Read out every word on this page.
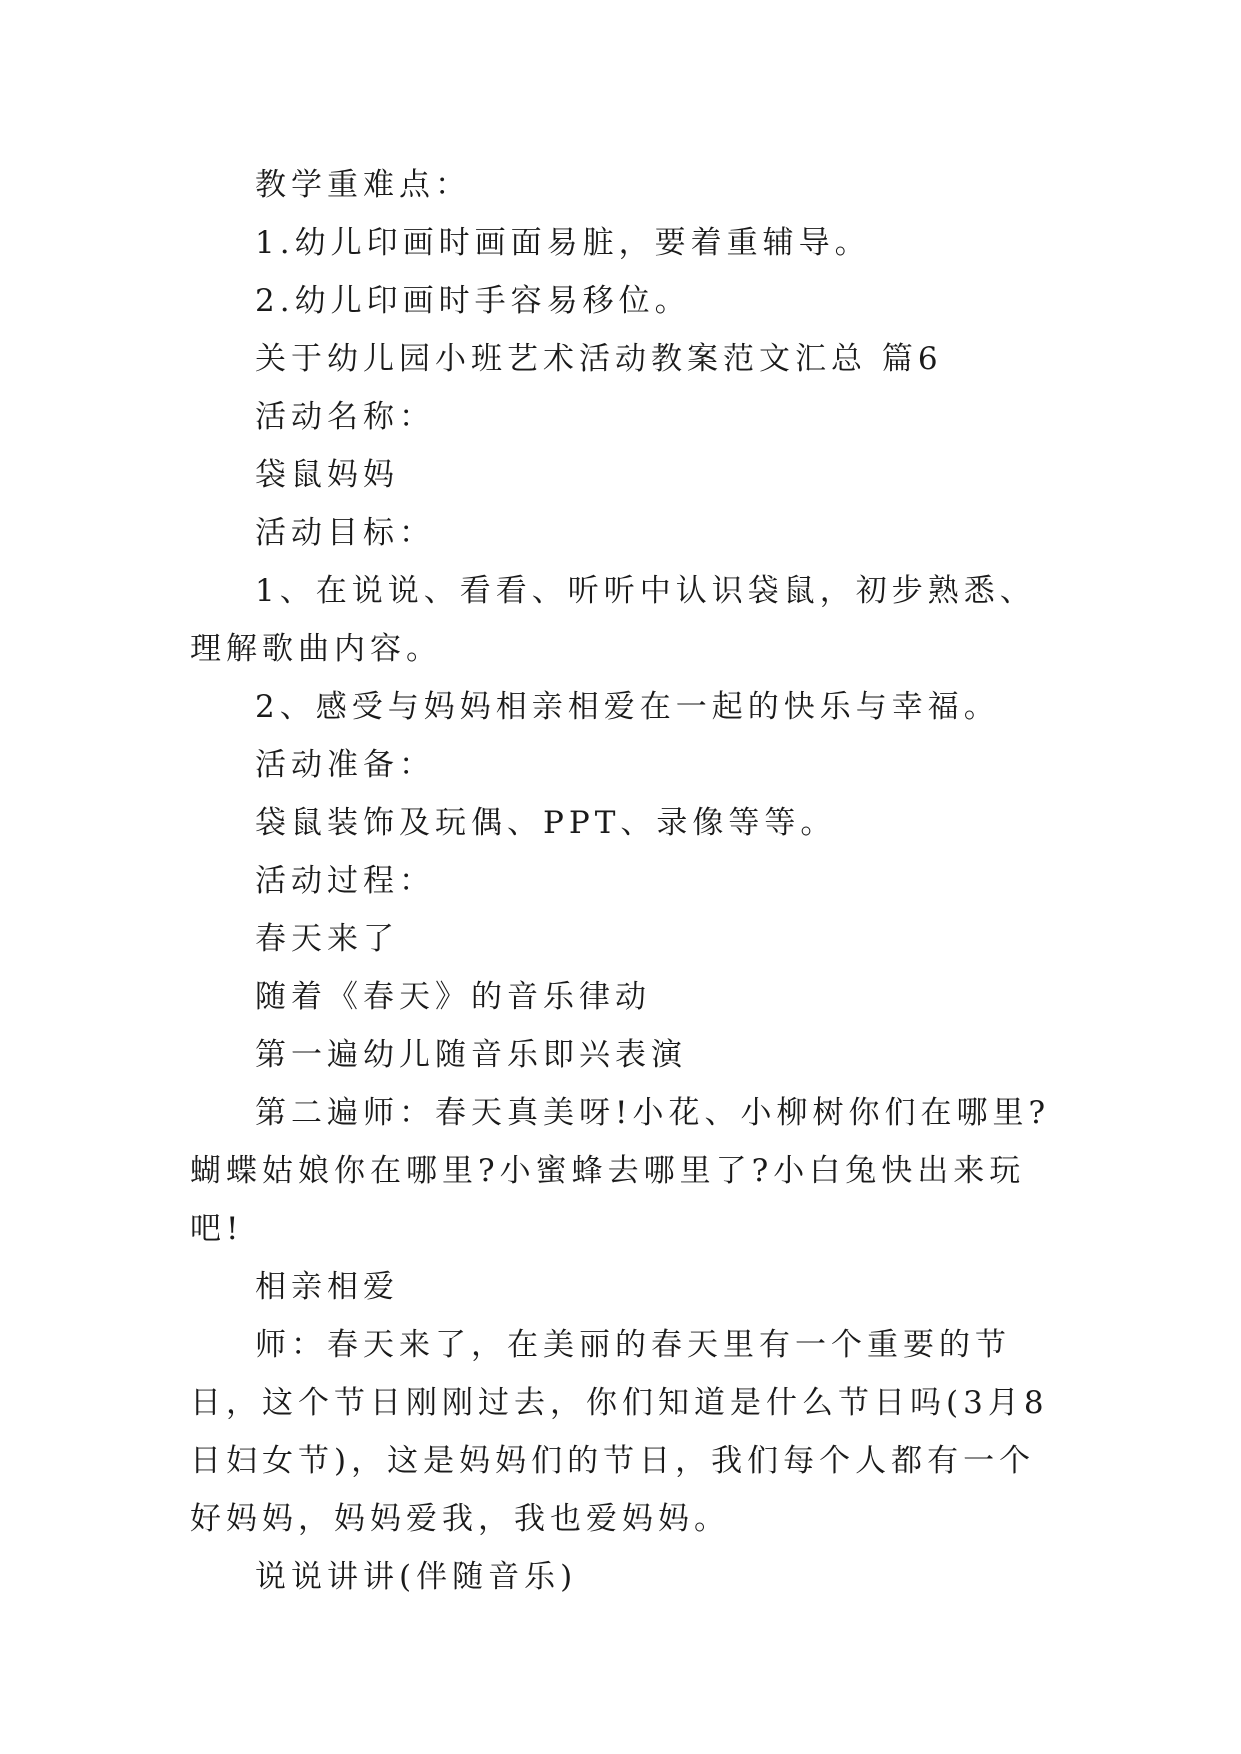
教学重难点：

1.幼儿印画时画面易脏，要着重辅导。

2.幼儿印画时手容易移位。

关于幼儿园小班艺术活动教案范文汇总 篇6

活动名称：

袋鼠妈妈

活动目标：

1、在说说、看看、听听中认识袋鼠，初步熟悉、理解歌曲内容。

2、感受与妈妈相亲相爱在一起的快乐与幸福。

活动准备：

袋鼠装饰及玩偶、PPT、录像等等。

活动过程：

春天来了

随着《春天》的音乐律动

第一遍幼儿随音乐即兴表演

第二遍师：春天真美呀!小花、小柳树你们在哪里?蝴蝶姑娘你在哪里?小蜜蜂去哪里了?小白兔快出来玩吧!

相亲相爱

师：春天来了，在美丽的春天里有一个重要的节日，这个节日刚刚过去，你们知道是什么节日吗(3月8日妇女节)，这是妈妈们的节日，我们每个人都有一个好妈妈，妈妈爱我，我也爱妈妈。

说说讲讲(伴随音乐)
